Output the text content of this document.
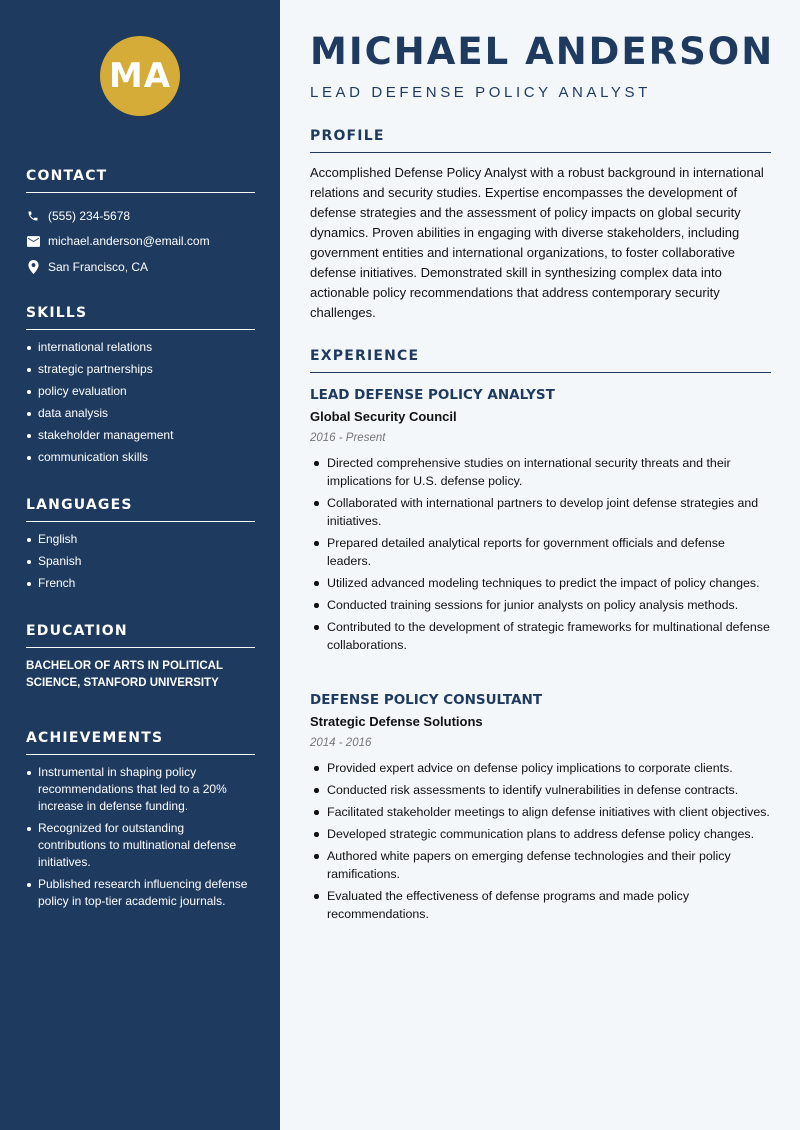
MA
CONTACT
(555) 234-5678
michael.anderson@email.com
San Francisco, CA
SKILLS
international relations
strategic partnerships
policy evaluation
data analysis
stakeholder management
communication skills
LANGUAGES
English
Spanish
French
EDUCATION
BACHELOR OF ARTS IN POLITICAL SCIENCE, STANFORD UNIVERSITY
ACHIEVEMENTS
Instrumental in shaping policy recommendations that led to a 20% increase in defense funding.
Recognized for outstanding contributions to multinational defense initiatives.
Published research influencing defense policy in top-tier academic journals.
MICHAEL ANDERSON
LEAD DEFENSE POLICY ANALYST
PROFILE

Accomplished Defense Policy Analyst with a robust background in international relations and security studies. Expertise encompasses the development of defense strategies and the assessment of policy impacts on global security dynamics. Proven abilities in engaging with diverse stakeholders, including government entities and international organizations, to foster collaborative defense initiatives. Demonstrated skill in synthesizing complex data into actionable policy recommendations that address contemporary security challenges.

EXPERIENCE
LEAD DEFENSE POLICY ANALYST
Global Security Council
2016 - Present
Directed comprehensive studies on international security threats and their implications for U.S. defense policy.
Collaborated with international partners to develop joint defense strategies and initiatives.
Prepared detailed analytical reports for government officials and defense leaders.
Utilized advanced modeling techniques to predict the impact of policy changes.
Conducted training sessions for junior analysts on policy analysis methods.
Contributed to the development of strategic frameworks for multinational defense collaborations.
DEFENSE POLICY CONSULTANT
Strategic Defense Solutions
2014 - 2016
Provided expert advice on defense policy implications to corporate clients.
Conducted risk assessments to identify vulnerabilities in defense contracts.
Facilitated stakeholder meetings to align defense initiatives with client objectives.
Developed strategic communication plans to address defense policy changes.
Authored white papers on emerging defense technologies and their policy ramifications.
Evaluated the effectiveness of defense programs and made policy recommendations.
